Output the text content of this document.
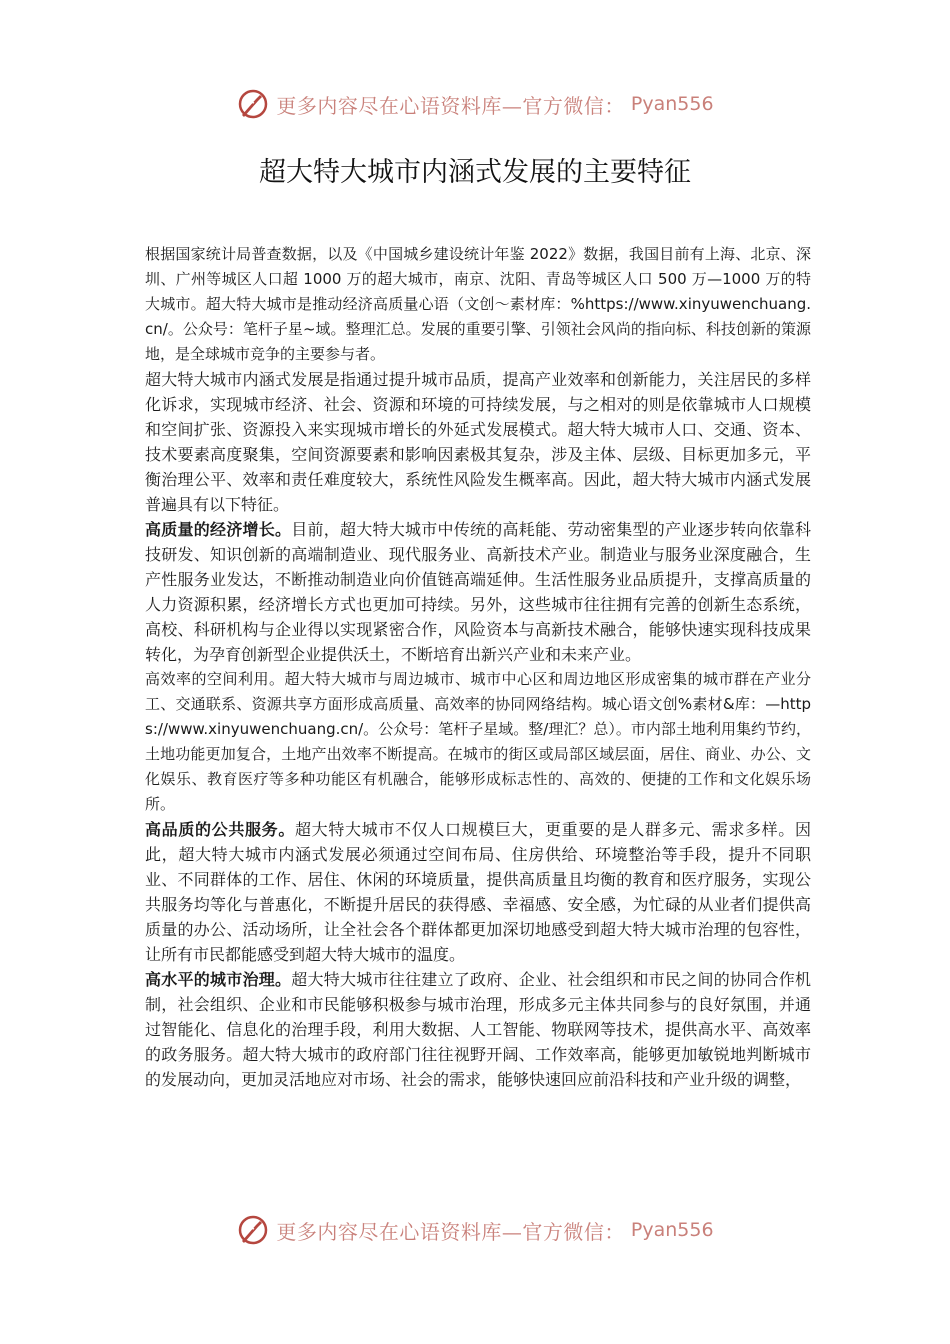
更多内容尽在心语资料库—官方微信： Pyan556
超大特大城市内涵式发展的主要特征

根据国家统计局普查数据，以及《中国城乡建设统计年鉴 2022》数据，我国目前有上海、北京、深圳、广州等城区人口超 1000 万的超大城市，南京、沈阳、青岛等城区人口 500 万—1000 万的特大城市。超大特大城市是推动经济高质量心语（文创～素材库：%https://www.xinyuwenchuang.cn/。公众号：笔杆子星~域。整理汇总。发展的重要引擎、引领社会风尚的指向标、科技创新的策源地，是全球城市竞争的主要参与者。

超大特大城市内涵式发展是指通过提升城市品质，提高产业效率和创新能力，关注居民的多样化诉求，实现城市经济、社会、资源和环境的可持续发展，与之相对的则是依靠城市人口规模和空间扩张、资源投入来实现城市增长的外延式发展模式。超大特大城市人口、交通、资本、技术要素高度聚集，空间资源要素和影响因素极其复杂，涉及主体、层级、目标更加多元，平衡治理公平、效率和责任难度较大，系统性风险发生概率高。因此，超大特大城市内涵式发展普遍具有以下特征。

高质量的经济增长。目前，超大特大城市中传统的高耗能、劳动密集型的产业逐步转向依靠科技研发、知识创新的高端制造业、现代服务业、高新技术产业。制造业与服务业深度融合，生产性服务业发达，不断推动制造业向价值链高端延伸。生活性服务业品质提升，支撑高质量的人力资源积累，经济增长方式也更加可持续。另外，这些城市往往拥有完善的创新生态系统，高校、科研机构与企业得以实现紧密合作，风险资本与高新技术融合，能够快速实现科技成果转化，为孕育创新型企业提供沃土，不断培育出新兴产业和未来产业。

高效率的空间利用。超大特大城市与周边城市、城市中心区和周边地区形成密集的城市群在产业分工、交通联系、资源共享方面形成高质量、高效率的协同网络结构。城心语文创%素材&库：—https://www.xinyuwenchuang.cn/。公众号：笔杆子星域。整/理汇？总）。市内部土地利用集约节约，土地功能更加复合，土地产出效率不断提高。在城市的街区或局部区域层面，居住、商业、办公、文化娱乐、教育医疗等多种功能区有机融合，能够形成标志性的、高效的、便捷的工作和文化娱乐场所。

高品质的公共服务。超大特大城市不仅人口规模巨大，更重要的是人群多元、需求多样。因此，超大特大城市内涵式发展必须通过空间布局、住房供给、环境整治等手段，提升不同职业、不同群体的工作、居住、休闲的环境质量，提供高质量且均衡的教育和医疗服务，实现公共服务均等化与普惠化，不断提升居民的获得感、幸福感、安全感，为忙碌的从业者们提供高质量的办公、活动场所，让全社会各个群体都更加深切地感受到超大特大城市治理的包容性，让所有市民都能感受到超大特大城市的温度。

高水平的城市治理。超大特大城市往往建立了政府、企业、社会组织和市民之间的协同合作机制，社会组织、企业和市民能够积极参与城市治理，形成多元主体共同参与的良好氛围，并通过智能化、信息化的治理手段，利用大数据、人工智能、物联网等技术，提供高水平、高效率的政务服务。超大特大城市的政府部门往往视野开阔、工作效率高，能够更加敏锐地判断城市的发展动向，更加灵活地应对市场、社会的需求，能够快速回应前沿科技和产业升级的调整，

更多内容尽在心语资料库—官方微信： Pyan556
